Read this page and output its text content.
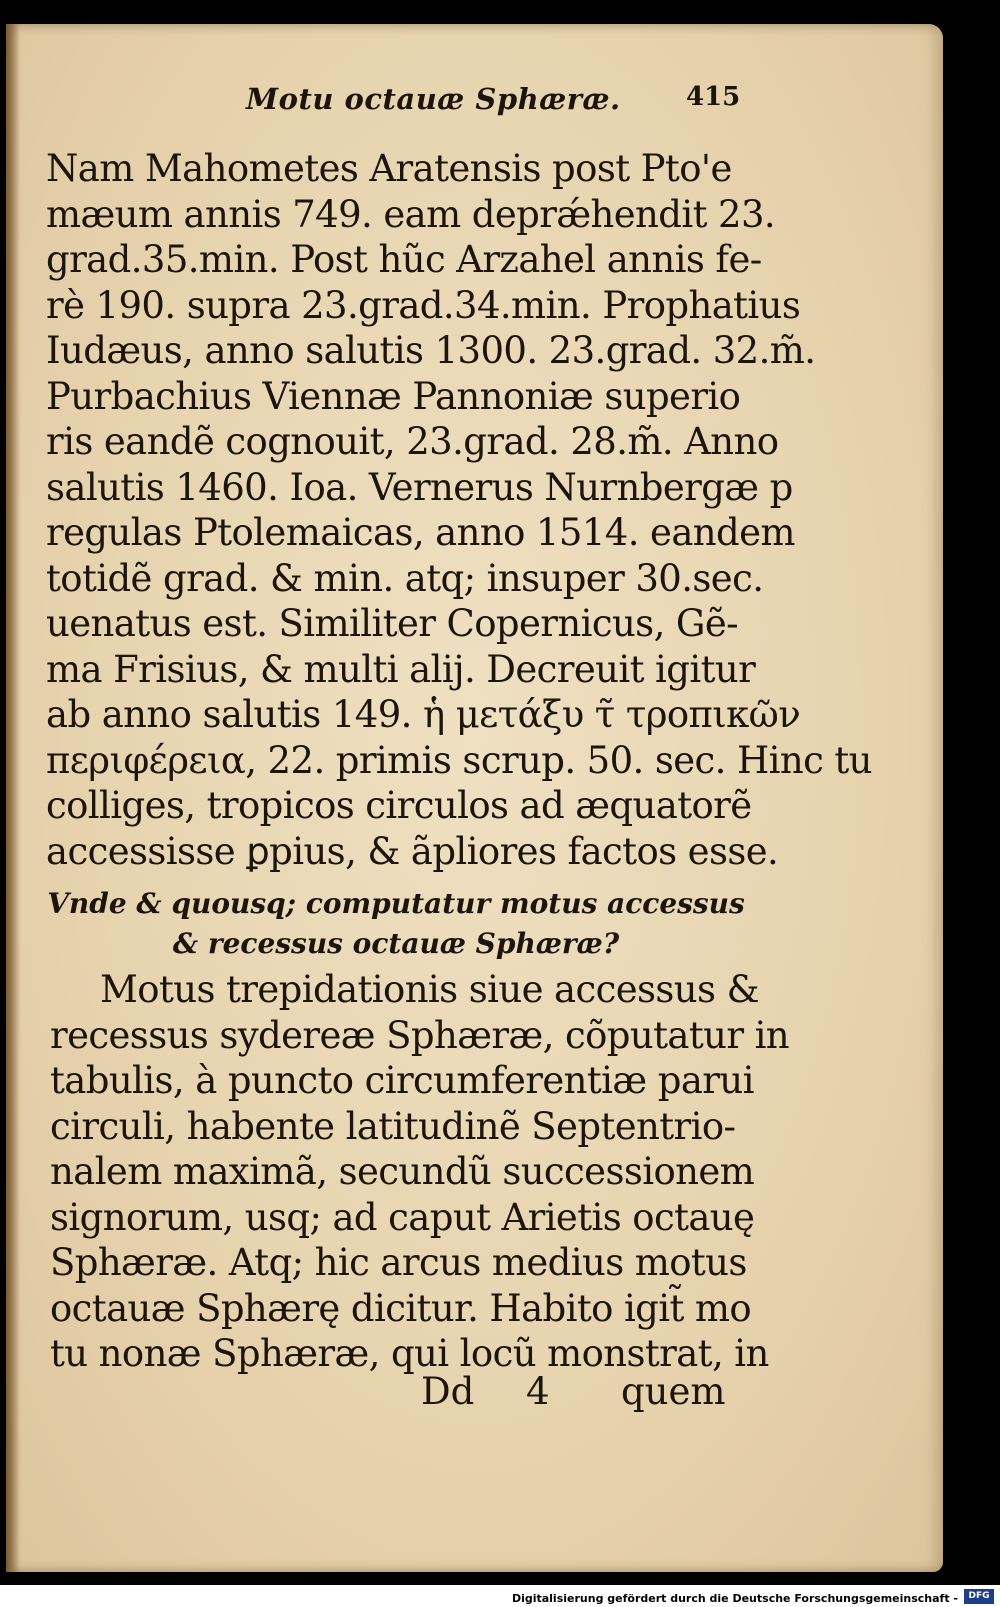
Motu octauæ Sphæræ.	415
Nam Mahometes Aratensis post Pto'e
mæum annis 749. eam deprǽhendit 23.
grad.35.min. Post hũc Arzahel annis fe-
rè 190. supra 23.grad.34.min. Prophatius
Iudæus, anno salutis 1300. 23.grad. 32.m̃.
Purbachius Viennæ Pannoniæ superio
ris eandẽ cognouit, 23.grad. 28.m̃. Anno
salutis 1460. Ioa. Vernerus Nurnbergæ p
regulas Ptolemaicas, anno 1514. eandem
totidẽ grad. & min. atq; insuper 30.sec.
uenatus est. Similiter Copernicus, Gẽ-
ma Frisius, & multi alij. Decreuit igitur
ab anno salutis 149. ἡ μετάξυ τ̃ τροπικῶν
περιφέρεια, 22. primis scrup. 50. sec. Hinc tu
colliges, tropicos circulos ad æquatorẽ
accessisse ꝑpius, & ãpliores factos esse.
Vnde & quousq; computatur motus accessus
& recessus octauæ Sphæræ?
Motus trepidationis siue accessus &
recessus sydereæ Sphæræ, cõputatur in
tabulis, à puncto circumferentiæ parui
circuli, habente latitudinẽ Septentrio-
nalem maximã, secundũ successionem
signorum, usq; ad caput Arietis octauę
Sphæræ. Atq; hic arcus medius motus
octauæ Sphærę dicitur. Habito igit̃ mo
tu nonæ Sphæræ, qui locũ monstrat, in
Dd 4 quem
Digitalisierung gefördert durch die Deutsche Forschungsgemeinschaft -	DFG
